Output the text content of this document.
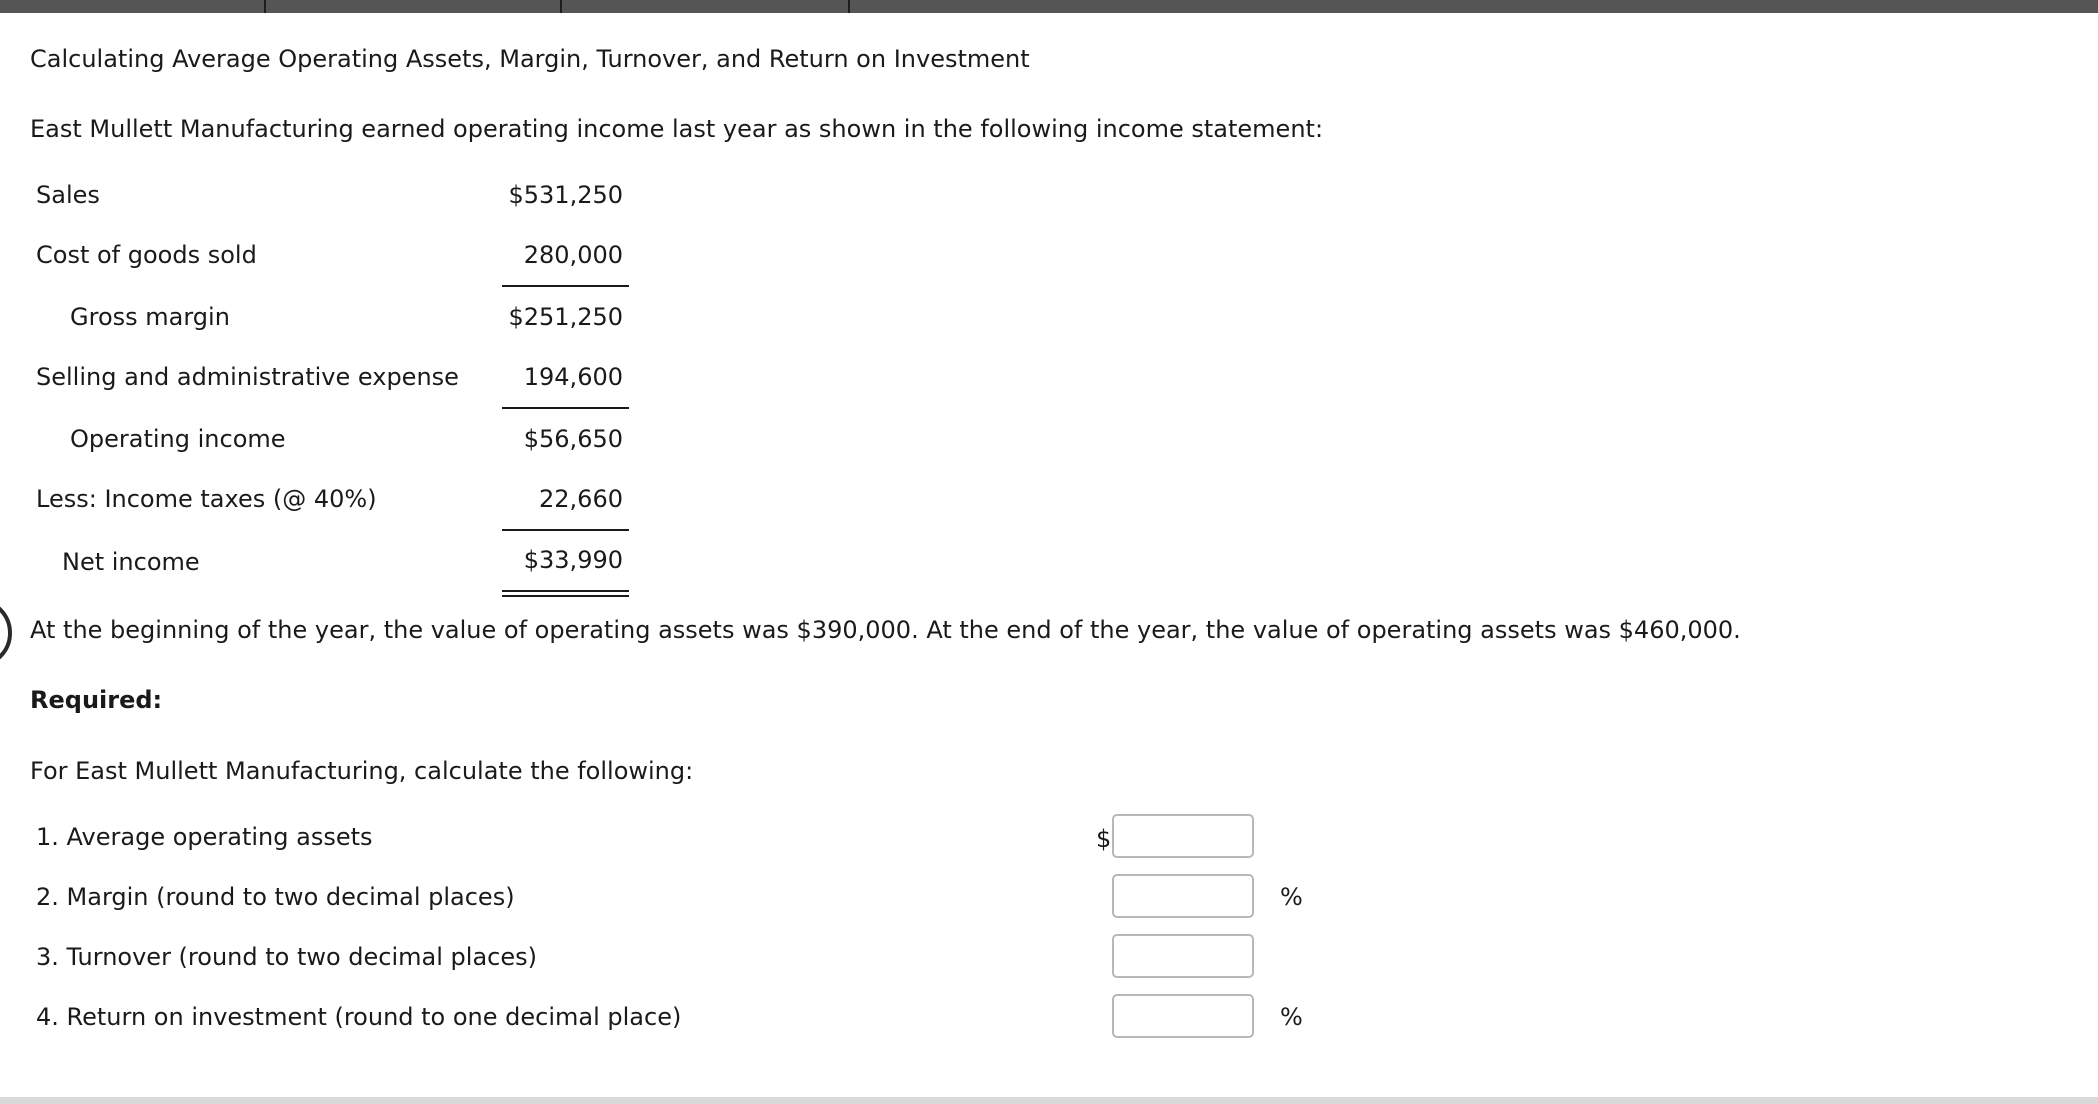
Calculating Average Operating Assets, Margin, Turnover, and Return on Investment
East Mullett Manufacturing earned operating income last year as shown in the following income statement:
Sales	$531,250
Cost of goods sold	280,000
Gross margin	$251,250
Selling and administrative expense	194,600
Operating income	$56,650
Less: Income taxes (@ 40%)	22,660
Net income	$33,990
At the beginning of the year, the value of operating assets was $390,000. At the end of the year, the value of operating assets was $460,000.
Required:
For East Mullett Manufacturing, calculate the following:
1. Average operating assets	$
2. Margin (round to two decimal places)	%
3. Turnover (round to two decimal places)
4. Return on investment (round to one decimal place)	%
